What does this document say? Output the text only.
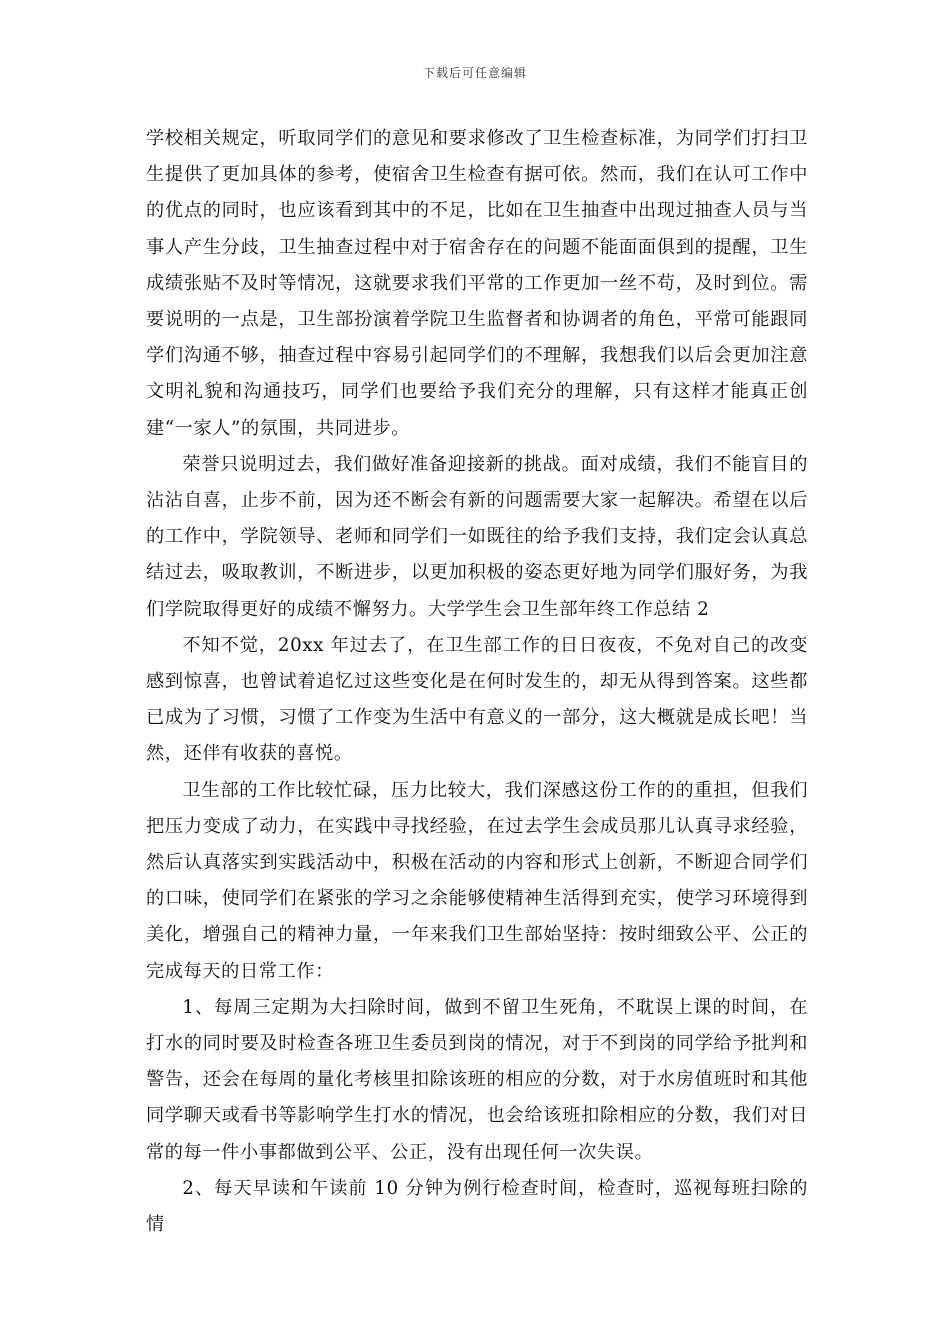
下载后可任意编辑

学校相关规定，听取同学们的意见和要求修改了卫生检查标准，为同学们打扫卫生提供了更加具体的参考，使宿舍卫生检查有据可依。然而，我们在认可工作中的优点的同时，也应该看到其中的不足，比如在卫生抽查中出现过抽查人员与当事人产生分歧，卫生抽查过程中对于宿舍存在的问题不能面面俱到的提醒，卫生成绩张贴不及时等情况，这就要求我们平常的工作更加一丝不苟，及时到位。需要说明的一点是，卫生部扮演着学院卫生监督者和协调者的角色，平常可能跟同学们沟通不够，抽查过程中容易引起同学们的不理解，我想我们以后会更加注意文明礼貌和沟通技巧，同学们也要给予我们充分的理解，只有这样才能真正创建“一家人”的氛围，共同进步。

荣誉只说明过去，我们做好准备迎接新的挑战。面对成绩，我们不能盲目的沾沾自喜，止步不前，因为还不断会有新的问题需要大家一起解决。希望在以后的工作中，学院领导、老师和同学们一如既往的给予我们支持，我们定会认真总结过去，吸取教训，不断进步，以更加积极的姿态更好地为同学们服好务，为我们学院取得更好的成绩不懈努力。大学学生会卫生部年终工作总结 2

不知不觉，20xx 年过去了，在卫生部工作的日日夜夜，不免对自己的改变感到惊喜，也曾试着追忆过这些变化是在何时发生的，却无从得到答案。这些都已成为了习惯，习惯了工作变为生活中有意义的一部分，这大概就是成长吧！当然，还伴有收获的喜悦。

卫生部的工作比较忙碌，压力比较大，我们深感这份工作的的重担，但我们把压力变成了动力，在实践中寻找经验，在过去学生会成员那儿认真寻求经验，然后认真落实到实践活动中，积极在活动的内容和形式上创新，不断迎合同学们的口味，使同学们在紧张的学习之余能够使精神生活得到充实，使学习环境得到美化，增强自己的精神力量，一年来我们卫生部始坚持：按时细致公平、公正的完成每天的日常工作：

1、每周三定期为大扫除时间，做到不留卫生死角，不耽误上课的时间，在打水的同时要及时检查各班卫生委员到岗的情况，对于不到岗的同学给予批判和警告，还会在每周的量化考核里扣除该班的相应的分数，对于水房值班时和其他同学聊天或看书等影响学生打水的情况，也会给该班扣除相应的分数，我们对日常的每一件小事都做到公平、公正，没有出现任何一次失误。

2、每天早读和午读前 10 分钟为例行检查时间，检查时，巡视每班扫除的情
